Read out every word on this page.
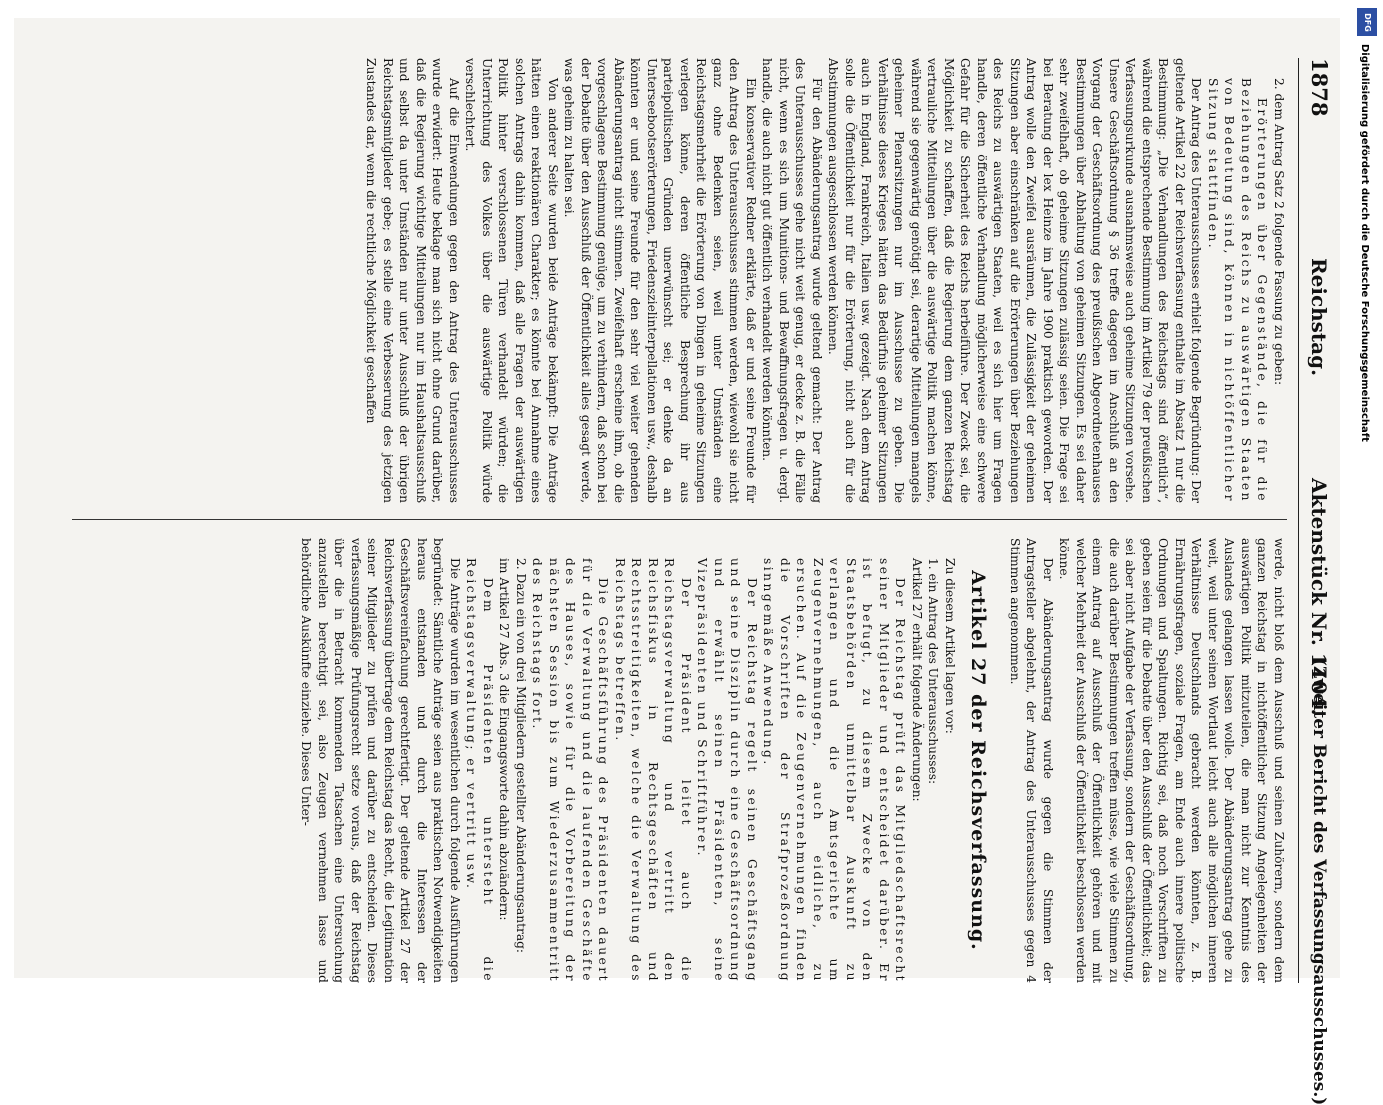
1878
Reichstag.
Aktenstück Nr. 1104.
(Zweiter Bericht des Verfassungsausschusses.)

2. dem Antrag Satz 2 folgende Fassung zu geben:

Erörterungen über Gegenstände, die für die Beziehungen des Reichs zu auswärtigen Staaten von Bedeutung sind, können in nichtöffentlicher Sitzung stattfinden.

Der Antrag des Unterausschusses erhielt folgende Begründung: Der geltende Artikel 22 der Reichsverfassung enthalte im Absatz 1 nur die Bestimmung: „Die Verhandlungen des Reichstags sind öffentlich“, während die entsprechende Bestimmung im Artikel 79 der preußischen Verfassungsurkunde ausnahmsweise auch geheime Sitzungen vorsehe. Unsere Geschäftsordnung § 36 treffe dagegen im Anschluß an den Vorgang der Geschäftsordnung des preußischen Abgeordnetenhauses Bestimmungen über Abhaltung von geheimen Sitzungen. Es sei daher sehr zweifelhaft, ob geheime Sitzungen zulässig seien. Die Frage sei bei Beratung der lex Heinze im Jahre 1900 praktisch geworden. Der Antrag wolle den Zweifel ausräumen, die Zulässigkeit der geheimen Sitzungen aber einschränken auf die Erörterungen über Beziehungen des Reichs zu auswärtigen Staaten, weil es sich hier um Fragen handle, deren öffentliche Verhandlung möglicherweise eine schwere Gefahr für die Sicherheit des Reichs herbeiführe. Der Zweck sei, die Möglichkeit zu schaffen, daß die Regierung dem ganzen Reichstag vertrauliche Mitteilungen über die auswärtige Politik machen könne, während sie gegenwärtig genötigt sei, derartige Mitteilungen mangels geheimer Plenarsitzungen nur im Ausschusse zu geben. Die Verhältnisse dieses Krieges hätten das Bedürfnis geheimer Sitzungen auch in England, Frankreich, Italien usw. gezeigt. Nach dem Antrag solle die Öffentlichkeit nur für die Erörterung, nicht auch für die Abstimmungen ausgeschlossen werden können.

Für den Abänderungsantrag wurde geltend gemacht: Der Antrag des Unterausschusses gehe nicht weit genug, er decke z. B. die Fälle nicht, wenn es sich um Munitions- und Bewaffnungsfragen u. dergl. handle, die auch nicht gut öffentlich verhandelt werden könnten.

Ein konservativer Redner erklärte, daß er und seine Freunde für den Antrag des Unterausschusses stimmen werden, wiewohl sie nicht ganz ohne Bedenken seien, weil unter Umständen eine Reichstagsmehrheit die Erörterung von Dingen in geheime Sitzungen verlegen könne, deren öffentliche Besprechung ihr aus parteipolitischen Gründen unerwünscht sei; er denke da an Unterseebootserörterungen, Friedenszielinterpellationen usw., deshalb könnten er und seine Freunde für den sehr viel weiter gehenden Abänderungsantrag nicht stimmen. Zweifelhaft erscheine ihm, ob die vorgeschlagene Bestimmung genüge, um zu verhindern, daß schon bei der Debatte über den Ausschluß der Öffentlichkeit alles gesagt werde, was geheim zu halten sei.

Von anderer Seite wurden beide Anträge bekämpft: Die Anträge hätten einen reaktionären Charakter; es könnte bei Annahme eines solchen Antrags dahin kommen, daß alle Fragen der auswärtigen Politik hinter verschlossenen Türen verhandelt würden; die Unterrichtung des Volkes über die auswärtige Politik würde verschlechtert.

Auf die Einwendungen gegen den Antrag des Unterausschusses wurde erwidert: Heute beklage man sich nicht ohne Grund darüber, daß die Regierung wichtige Mitteilungen nur im Haushaltsausschuß und selbst da unter Umständen nur unter Ausschluß der übrigen Reichstagsmitglieder gebe; es stelle eine Verbesserung des jetzigen Zustandes dar, wenn die rechtliche Möglichkeit geschaffen

werde, nicht bloß dem Ausschuß und seinen Zuhörern, sondern dem ganzen Reichstag in nichtöffentlicher Sitzung Angelegenheiten der auswärtigen Politik mitzuteilen, die man nicht zur Kenntnis des Auslandes gelangen lassen wolle. Der Abänderungsantrag gehe zu weit, weil unter seinen Wortlaut leicht auch alle möglichen inneren Verhältnisse Deutschlands gebracht werden könnten, z. B. Ernährungsfragen, soziale Fragen, am Ende auch innere politische Ordnungen und Spaltungen. Richtig sei, daß noch Vorschriften zu geben seien für die Debatte über den Ausschluß der Öffentlichkeit; das sei aber nicht Aufgabe der Verfassung, sondern der Geschäftsordnung, die auch darüber Bestimmungen treffen müsse, wie viele Stimmen zu einem Antrag auf Ausschluß der Öffentlichkeit gehören und mit welcher Mehrheit der Ausschluß der Öffentlichkeit beschlossen werden könne.

Der Abänderungsantrag wurde gegen die Stimmen der Antragsteller abgelehnt, der Antrag des Unterausschusses gegen 4 Stimmen angenommen.

Artikel 27 der Reichsverfassung.

Zu diesem Artikel lagen vor:

1. ein Antrag des Unterausschusses:

Artikel 27 erhält folgende Änderungen:

Der Reichstag prüft das Mitgliedschaftsrecht seiner Mitglieder und entscheidet darüber. Er ist befugt, zu diesem Zwecke von den Staatsbehörden unmittelbar Auskunft zu verlangen und die Amtsgerichte um Zeugenvernehmungen, auch eidliche, zu ersuchen. Auf die Zeugenvernehmungen finden die Vorschriften der Strafprozeßordnung sinngemäße Anwendung.

Der Reichstag regelt seinen Geschäftsgang und seine Disziplin durch eine Geschäftsordnung und erwählt seinen Präsidenten, seine Vizepräsidenten und Schriftführer.

Der Präsident leitet auch die Reichstagsverwaltung und vertritt den Reichsfiskus in Rechtsgeschäften und Rechtsstreitigkeiten, welche die Verwaltung des Reichstags betreffen.

Die Geschäftsführung des Präsidenten dauert für die Verwaltung und die laufenden Geschäfte des Hauses, sowie für die Vorbereitung der nächsten Session bis zum Wiederzusammentritt des Reichstags fort.

2. Dazu ein von drei Mitgliedern gestellter Abänderungsantrag:

im Artikel 27 Abs. 3 die Eingangsworte dahin abzuändern:

Dem Präsidenten untersteht die Reichstagsverwaltung; er vertritt usw.

Die Anträge wurden im wesentlichen durch folgende Ausführungen begründet: Sämtliche Anträge seien aus praktischen Notwendigkeiten heraus entstanden und durch die Interessen der Geschäftsvereinfachung gerechtfertigt. Der geltende Artikel 27 der Reichsverfassung übertrage dem Reichstag das Recht, die Legitimation seiner Mitglieder zu prüfen und darüber zu entscheiden. Dieses verfassungsmäßige Prüfungsrecht setze voraus, daß der Reichstag über die in Betracht kommenden Tatsachen eine Untersuchung anzustellen berechtigt sei, also Zeugen vernehmen lasse und behördliche Auskünfte einziehe. Dieses Unter-

DFG
Digitalisierung gefördert durch die Deutsche Forschungsgemeinschaft
